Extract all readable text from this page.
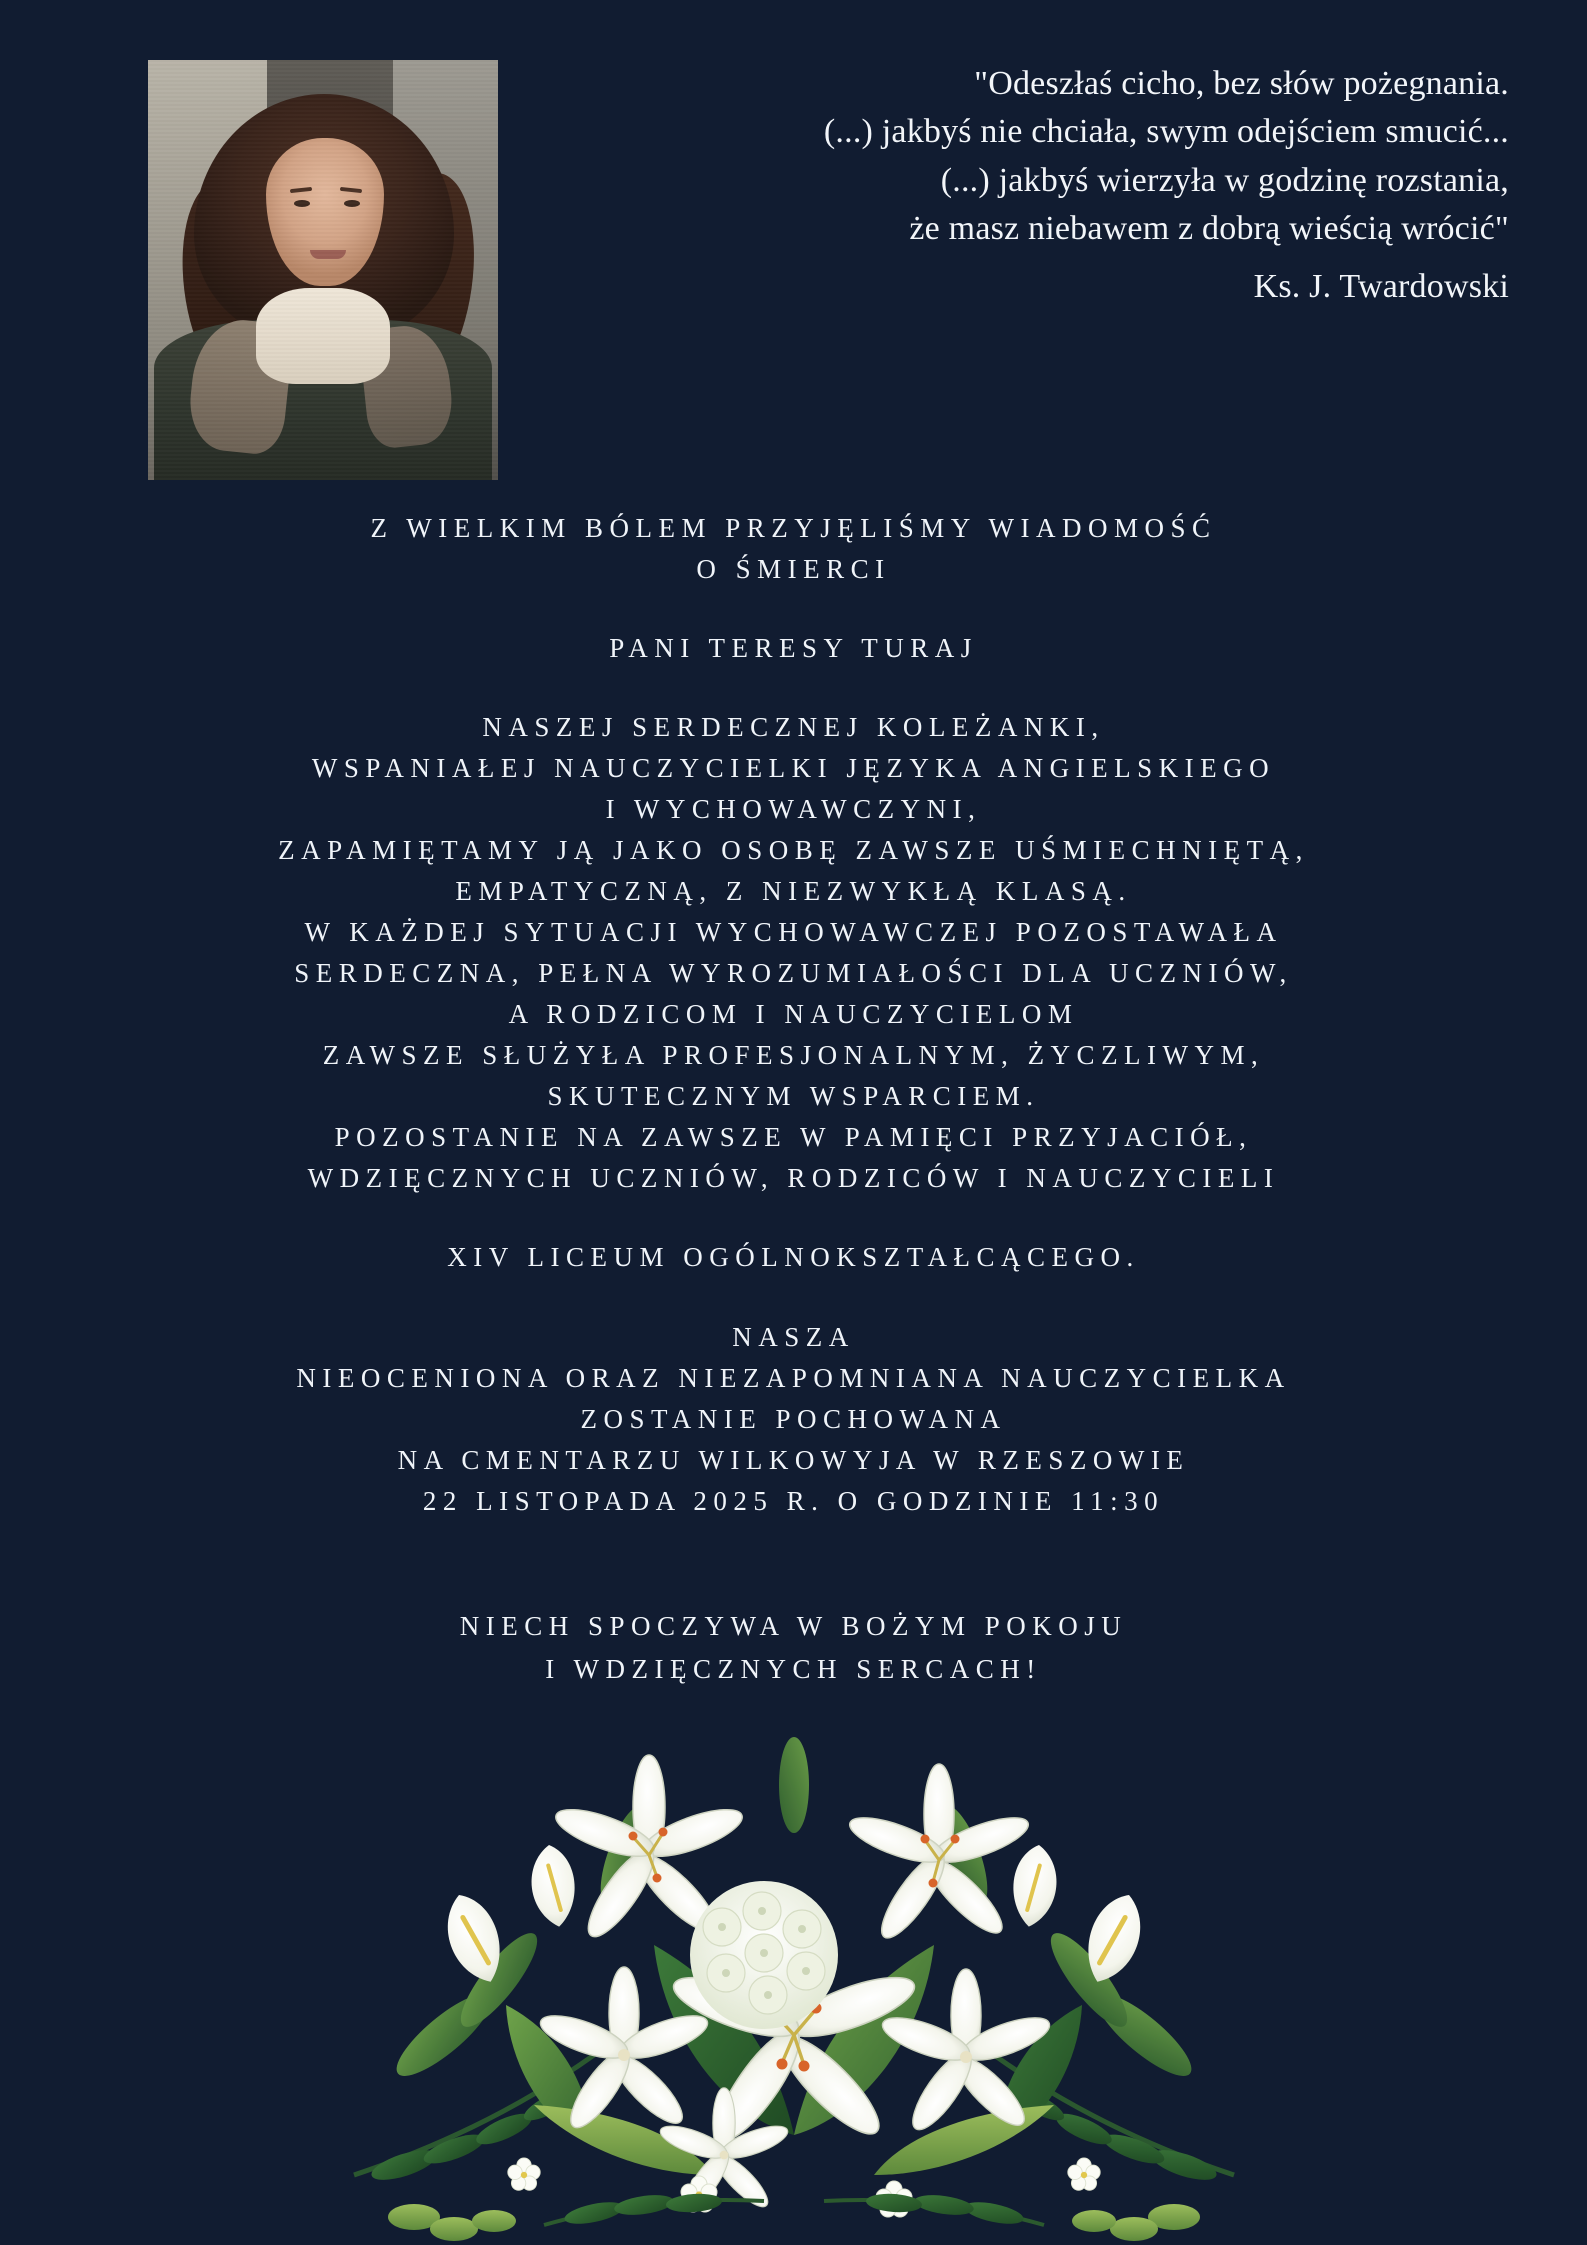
"Odeszłaś cicho, bez słów pożegnania.
(...) jakbyś nie chciała, swym odejściem smucić...
(...) jakbyś wierzyła w godzinę rozstania,
że masz niebawem z dobrą wieścią wrócić"
Ks. J. Twardowski
Z WIELKIM BÓLEM PRZYJĘLIŚMY WIADOMOŚĆ
O ŚMIERCI
PANI TERESY TURAJ
NASZEJ SERDECZNEJ KOLEŻANKI,
WSPANIAŁEJ NAUCZYCIELKI JĘZYKA ANGIELSKIEGO
I WYCHOWAWCZYNI,
ZAPAMIĘTAMY JĄ JAKO OSOBĘ ZAWSZE UŚMIECHNIĘTĄ,
EMPATYCZNĄ, Z NIEZWYKŁĄ KLASĄ.
W KAŻDEJ SYTUACJI WYCHOWAWCZEJ POZOSTAWAŁA
SERDECZNA, PEŁNA WYROZUMIAŁOŚCI DLA UCZNIÓW,
A RODZICOM I NAUCZYCIELOM
ZAWSZE SŁUŻYŁA PROFESJONALNYM, ŻYCZLIWYM,
SKUTECZNYM WSPARCIEM.
POZOSTANIE NA ZAWSZE W PAMIĘCI PRZYJACIÓŁ,
WDZIĘCZNYCH UCZNIÓW, RODZICÓW I NAUCZYCIELI
XIV LICEUM OGÓLNOKSZTAŁCĄCEGO.
NASZA
NIEOCENIONA ORAZ NIEZAPOMNIANA NAUCZYCIELKA
ZOSTANIE POCHOWANA
NA CMENTARZU WILKOWYJA W RZESZOWIE
22 LISTOPADA 2025 R. O GODZINIE 11:30
NIECH SPOCZYWA W BOŻYM POKOJU
I WDZIĘCZNYCH SERCACH!
